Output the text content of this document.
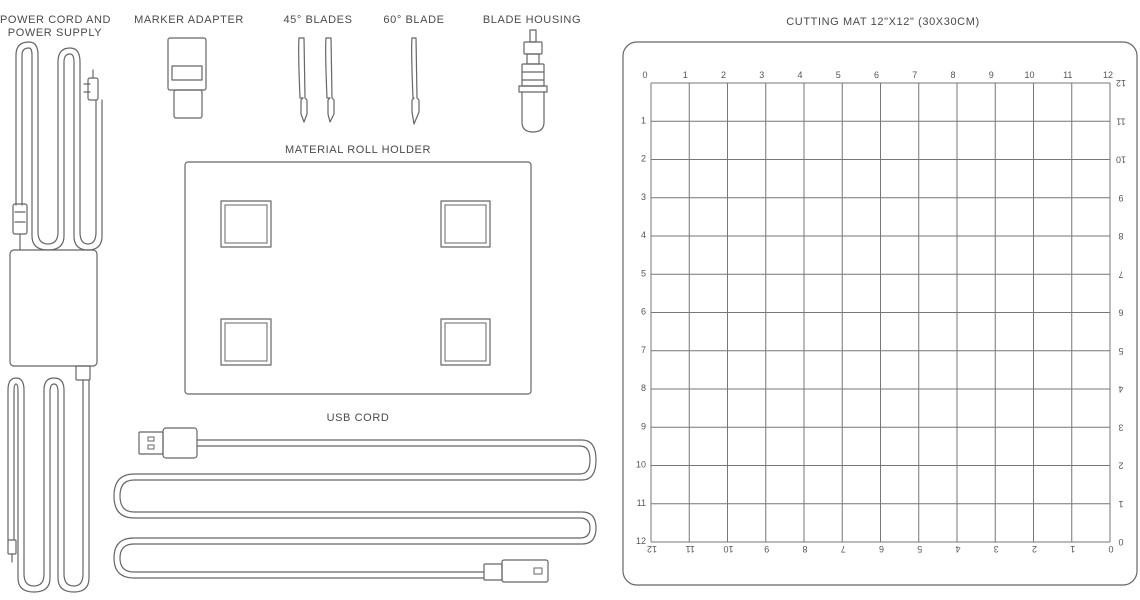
POWER CORD AND
POWER SUPPLY
MARKER ADAPTER	45° BLADES	60° BLADE	BLADE HOUSING
MATERIAL ROLL HOLDER
USB CORD
CUTTING MAT 12"X12" (30X30CM)
0	1	2	3	4	5	6	7	8	9	10	11	12
1
2
3
4
5
6
7
8
9
10
11
12
12
11
10
9
8
7
6
5
4
3
2
1
0
12	11	10	9	8	7	6	5	4	3	2	1	0
